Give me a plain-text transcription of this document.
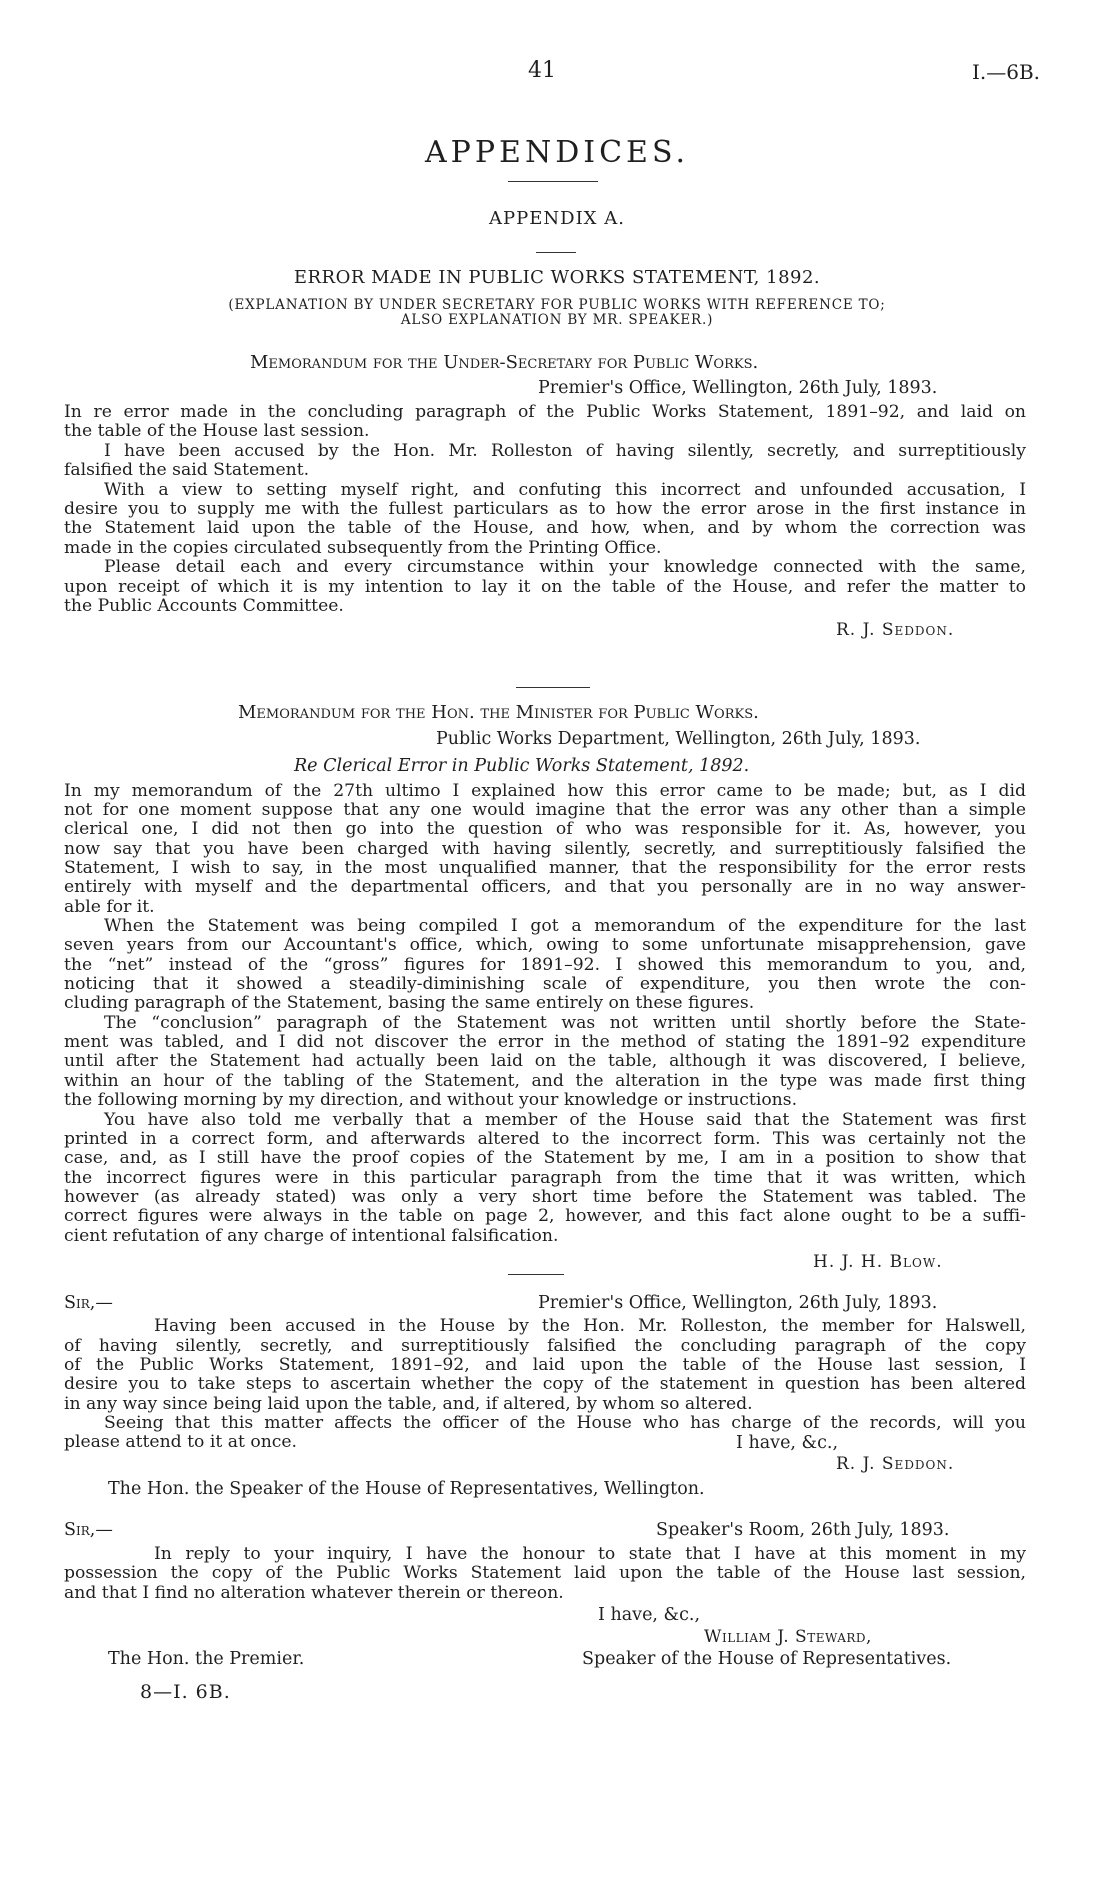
41	I.—6B.
APPENDICES.
APPENDIX A.
ERROR MADE IN PUBLIC WORKS STATEMENT, 1892.
(EXPLANATION BY UNDER SECRETARY FOR PUBLIC WORKS WITH REFERENCE TO;
ALSO EXPLANATION BY MR. SPEAKER.)
Memorandum for the Under-Secretary for Public Works.
Premier's Office, Wellington, 26th July, 1893.
In re error made in the concluding paragraph of the Public Works Statement, 1891–92, and laid on
the table of the House last session.
I have been accused by the Hon. Mr. Rolleston of having silently, secretly, and surreptitiously
falsified the said Statement.
With a view to setting myself right, and confuting this incorrect and unfounded accusation, I
desire you to supply me with the fullest particulars as to how the error arose in the first instance in
the Statement laid upon the table of the House, and how, when, and by whom the correction was
made in the copies circulated subsequently from the Printing Office.
Please detail each and every circumstance within your knowledge connected with the same,
upon receipt of which it is my intention to lay it on the table of the House, and refer the matter to
the Public Accounts Committee.
R. J. Seddon.
Memorandum for the Hon. the Minister for Public Works.
Public Works Department, Wellington, 26th July, 1893.
Re Clerical Error in Public Works Statement, 1892.
In my memorandum of the 27th ultimo I explained how this error came to be made; but, as I did
not for one moment suppose that any one would imagine that the error was any other than a simple
clerical one, I did not then go into the question of who was responsible for it. As, however, you
now say that you have been charged with having silently, secretly, and surreptitiously falsified the
Statement, I wish to say, in the most unqualified manner, that the responsibility for the error rests
entirely with myself and the departmental officers, and that you personally are in no way answer-
able for it.
When the Statement was being compiled I got a memorandum of the expenditure for the last
seven years from our Accountant's office, which, owing to some unfortunate misapprehension, gave
the “net” instead of the “gross” figures for 1891–92. I showed this memorandum to you, and,
noticing that it showed a steadily-diminishing scale of expenditure, you then wrote the con-
cluding paragraph of the Statement, basing the same entirely on these figures.
The “conclusion” paragraph of the Statement was not written until shortly before the State-
ment was tabled, and I did not discover the error in the method of stating the 1891–92 expenditure
until after the Statement had actually been laid on the table, although it was discovered, I believe,
within an hour of the tabling of the Statement, and the alteration in the type was made first thing
the following morning by my direction, and without your knowledge or instructions.
You have also told me verbally that a member of the House said that the Statement was first
printed in a correct form, and afterwards altered to the incorrect form. This was certainly not the
case, and, as I still have the proof copies of the Statement by me, I am in a position to show that
the incorrect figures were in this particular paragraph from the time that it was written, which
however (as already stated) was only a very short time before the Statement was tabled. The
correct figures were always in the table on page 2, however, and this fact alone ought to be a suffi-
cient refutation of any charge of intentional falsification.
H. J. H. Blow.
Sir,—	Premier's Office, Wellington, 26th July, 1893.
Having been accused in the House by the Hon. Mr. Rolleston, the member for Halswell,
of having silently, secretly, and surreptitiously falsified the concluding paragraph of the copy
of the Public Works Statement, 1891–92, and laid upon the table of the House last session, I
desire you to take steps to ascertain whether the copy of the statement in question has been altered
in any way since being laid upon the table, and, if altered, by whom so altered.
Seeing that this matter affects the officer of the House who has charge of the records, will you
please attend to it at once.	I have, &c.,
R. J. Seddon.
The Hon. the Speaker of the House of Representatives, Wellington.
Sir,—	Speaker's Room, 26th July, 1893.
In reply to your inquiry, I have the honour to state that I have at this moment in my
possession the copy of the Public Works Statement laid upon the table of the House last session,
and that I find no alteration whatever therein or thereon.
I have, &c.,
William J. Steward,
Speaker of the House of Representatives.
The Hon. the Premier.
8—I. 6B.
